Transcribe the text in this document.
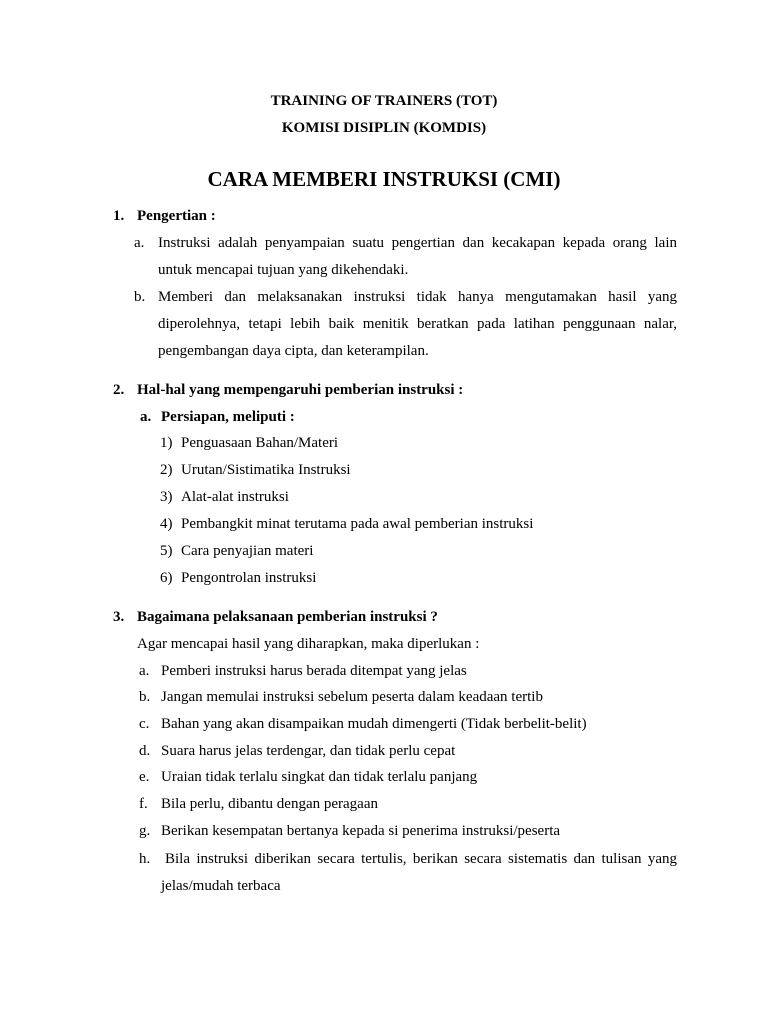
TRAINING OF TRAINERS (TOT)
KOMISI DISIPLIN (KOMDIS)
CARA MEMBERI INSTRUKSI (CMI)
1. Pengertian :
a. Instruksi adalah penyampaian suatu pengertian dan kecakapan kepada orang lain
untuk mencapai tujuan yang dikehendaki.
b. Memberi dan melaksanakan instruksi tidak hanya mengutamakan hasil yang
diperolehnya, tetapi lebih baik menitik beratkan pada latihan penggunaan nalar,
pengembangan daya cipta, dan keterampilan.
2. Hal-hal yang mempengaruhi pemberian instruksi :
a. Persiapan, meliputi :
1) Penguasaan Bahan/Materi
2) Urutan/Sistimatika Instruksi
3) Alat-alat instruksi
4) Pembangkit minat terutama pada awal pemberian instruksi
5) Cara penyajian materi
6) Pengontrolan instruksi
3. Bagaimana pelaksanaan pemberian instruksi ?
Agar mencapai hasil yang diharapkan, maka diperlukan :
a. Pemberi instruksi harus berada ditempat yang jelas
b. Jangan memulai instruksi sebelum peserta dalam keadaan tertib
c. Bahan yang akan disampaikan mudah dimengerti (Tidak berbelit-belit)
d. Suara harus jelas terdengar, dan tidak perlu cepat
e. Uraian tidak terlalu singkat dan tidak terlalu panjang
f. Bila perlu, dibantu dengan peragaan
g. Berikan kesempatan bertanya kepada si penerima instruksi/peserta
h. Bila instruksi diberikan secara tertulis, berikan secara sistematis dan tulisan yang
jelas/mudah terbaca
